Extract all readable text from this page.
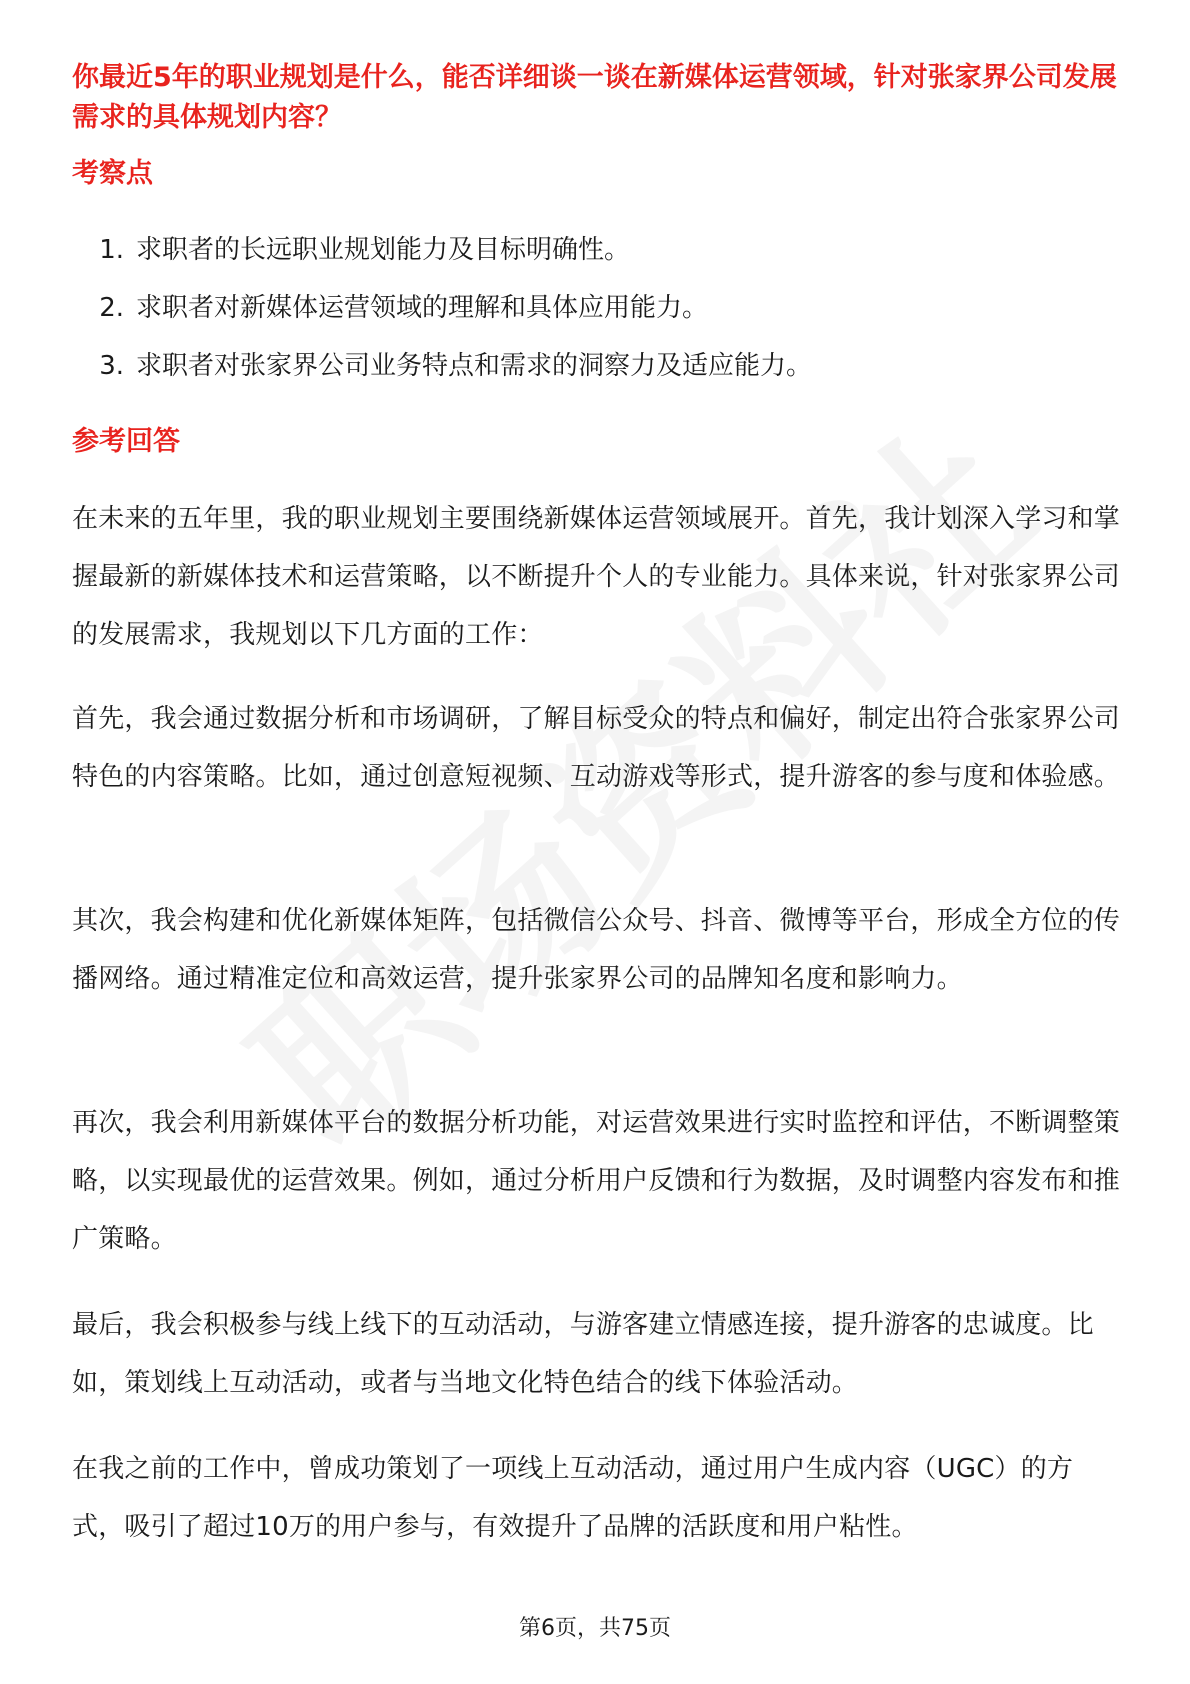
你最近5年的职业规划是什么，能否详细谈一谈在新媒体运营领域，针对张家界公司发展需求的具体规划内容？
考察点
1. 求职者的长远职业规划能力及目标明确性。
2. 求职者对新媒体运营领域的理解和具体应用能力。
3. 求职者对张家界公司业务特点和需求的洞察力及适应能力。
参考回答

在未来的五年里，我的职业规划主要围绕新媒体运营领域展开。首先，我计划深入学习和掌握最新的新媒体技术和运营策略，以不断提升个人的专业能力。具体来说，针对张家界公司的发展需求，我规划以下几方面的工作：

首先，我会通过数据分析和市场调研，了解目标受众的特点和偏好，制定出符合张家界公司特色的内容策略。比如，通过创意短视频、互动游戏等形式，提升游客的参与度和体验感。

其次，我会构建和优化新媒体矩阵，包括微信公众号、抖音、微博等平台，形成全方位的传播网络。通过精准定位和高效运营，提升张家界公司的品牌知名度和影响力。

再次，我会利用新媒体平台的数据分析功能，对运营效果进行实时监控和评估，不断调整策略，以实现最优的运营效果。例如，通过分析用户反馈和行为数据，及时调整内容发布和推广策略。

最后，我会积极参与线上线下的互动活动，与游客建立情感连接，提升游客的忠诚度。比如，策划线上互动活动，或者与当地文化特色结合的线下体验活动。

在我之前的工作中，曾成功策划了一项线上互动活动，通过用户生成内容（UGC）的方式，吸引了超过10万的用户参与，有效提升了品牌的活跃度和用户粘性。

第6页，共75页
